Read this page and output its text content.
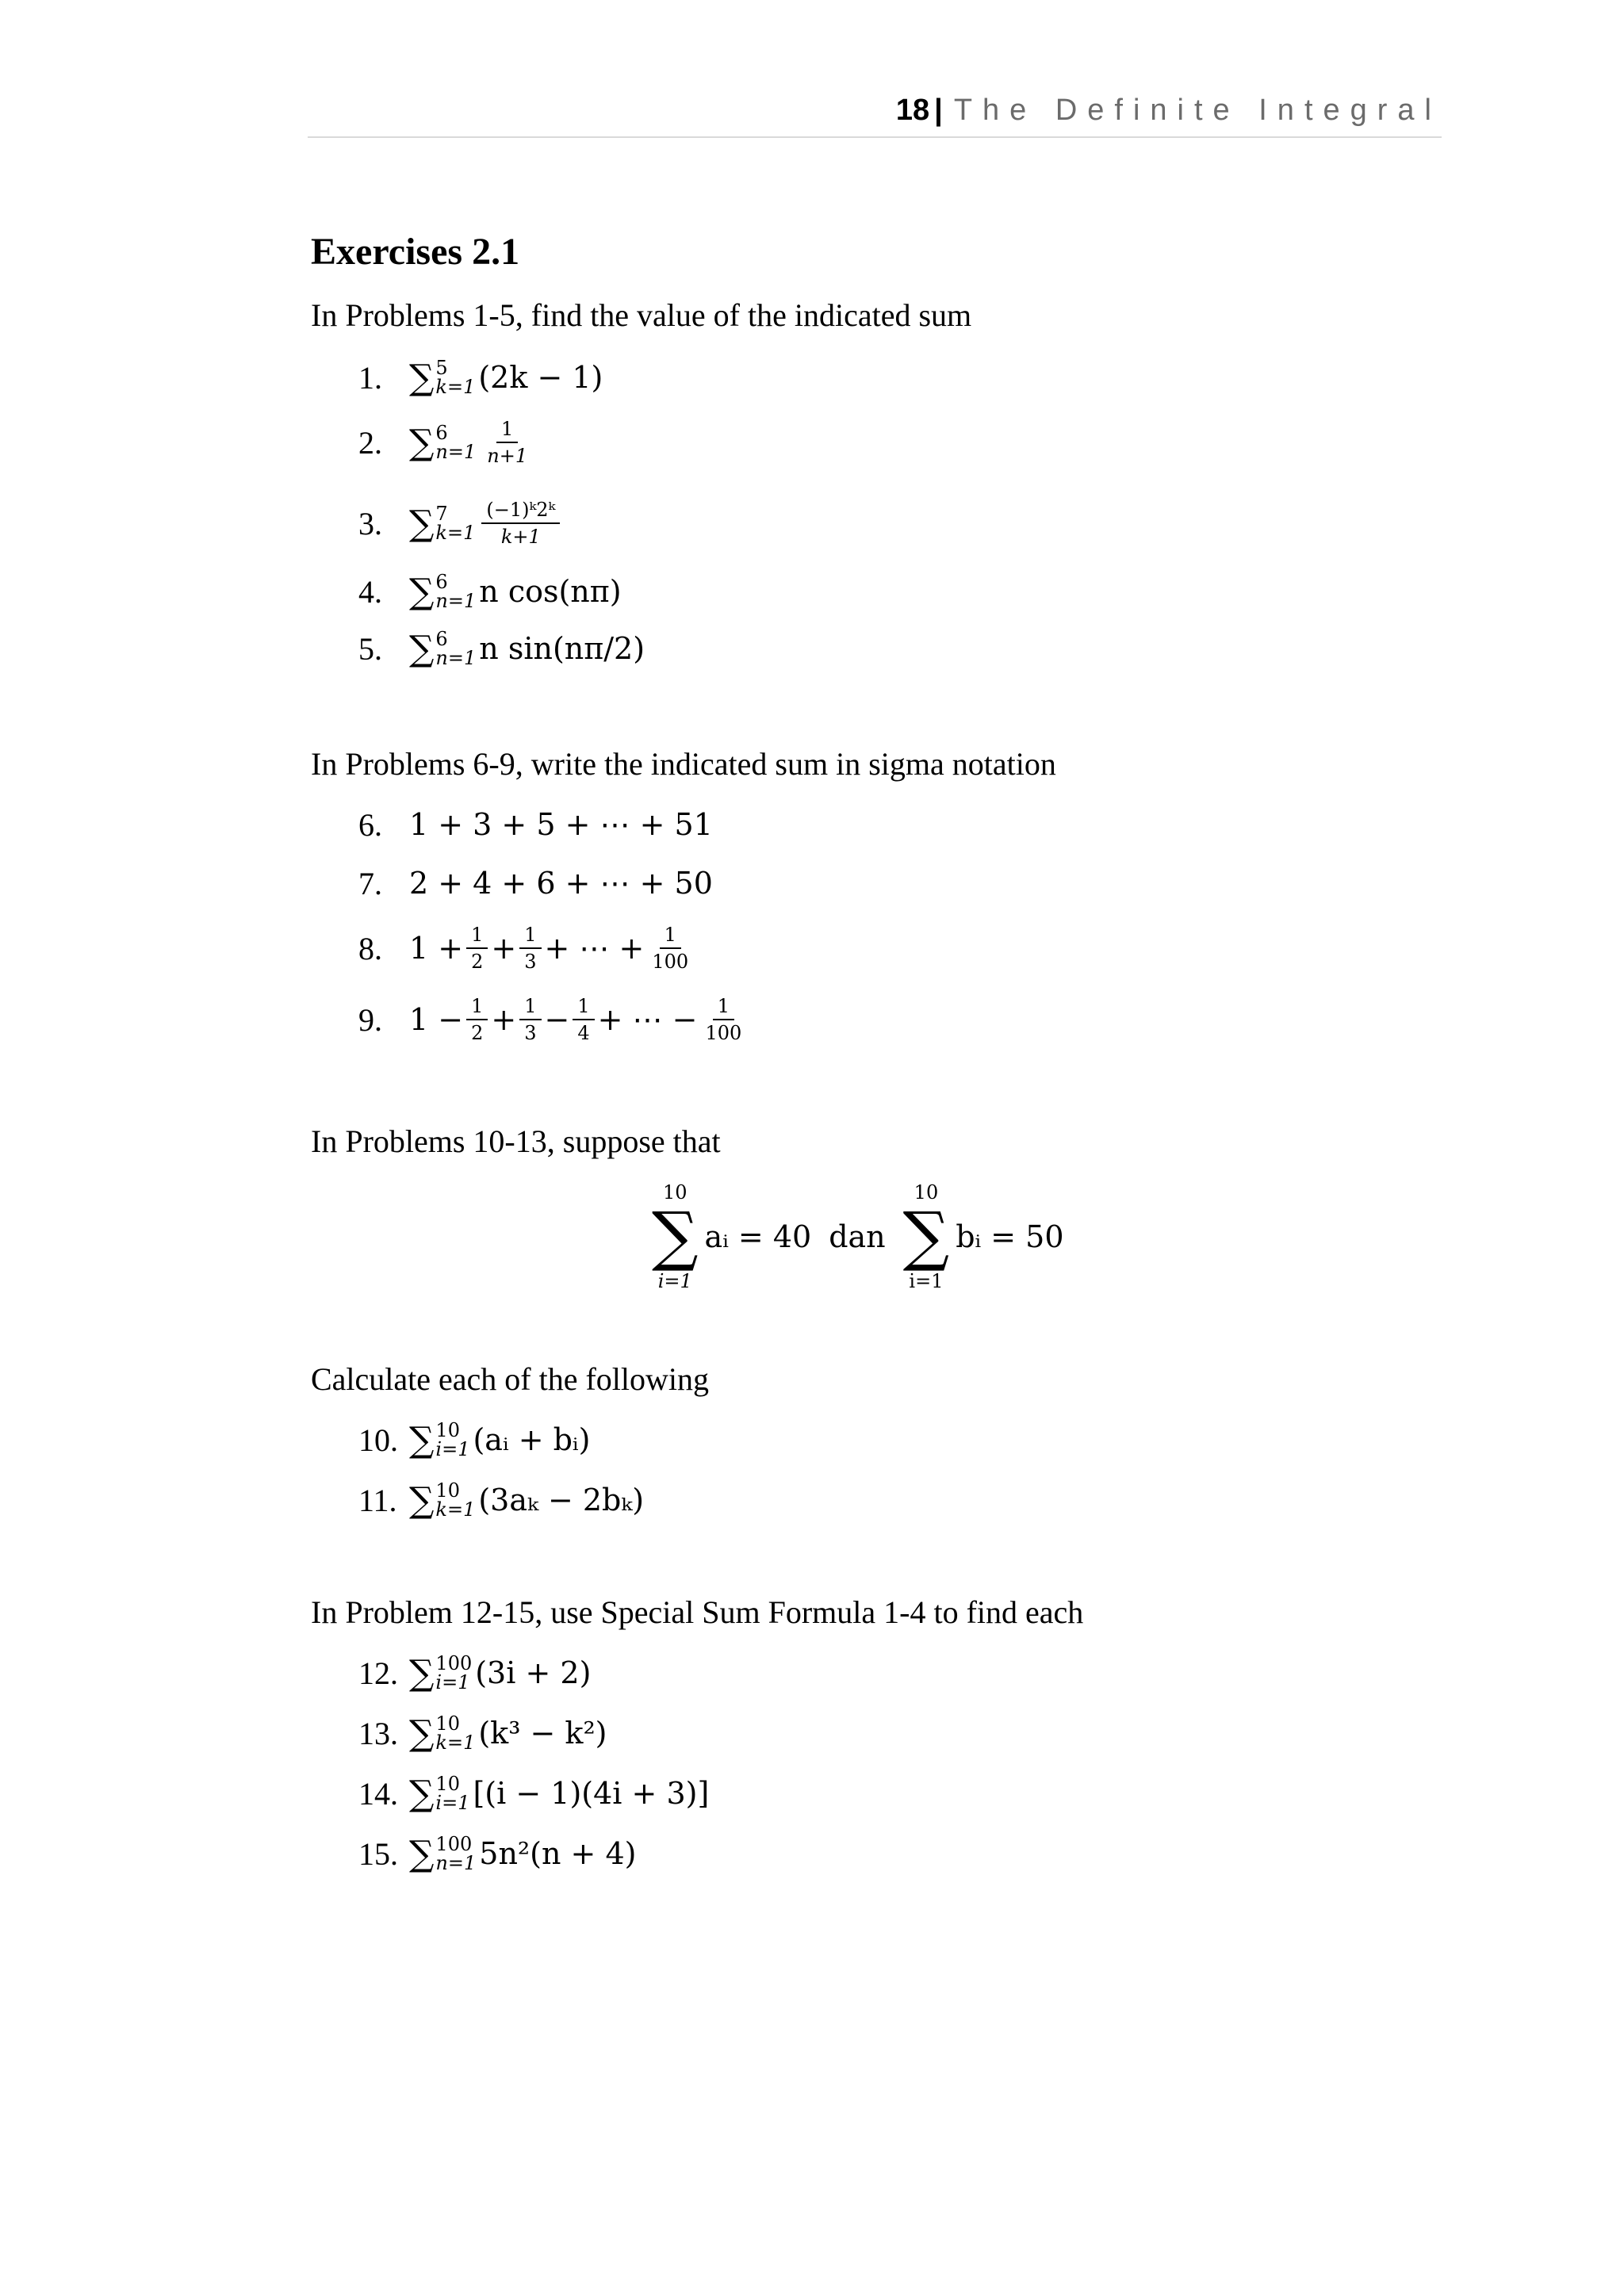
18 | The Definite Integral
Exercises 2.1

In Problems 1-5, find the value of the indicated sum

1. ∑ 5
k=1 (2k − 1)
2. ∑ 6
$n=1 \frac{1}{n+1}$
3. ∑ 7
$k=1 \frac{\text{(−1)ᵏ2ᵏ}}{k+1}$
4. ∑ 6
n=1 n cos(nπ)
5. ∑ 6
n=1 n sin(nπ/2)

In Problems 6-9, write the indicated sum in sigma notation

6. 1 + 3 + 5 + ⋯ + 51
7. 2 + 4 + 6 + ⋯ + 50
8. $1 + \frac{1}{2} + \frac{1}{3}$ + ⋯ + $\frac{1}{100}$
9. $1 - \frac{1}{2} + \frac{1}{3} - \frac{1}{4}$ + ⋯ − $\frac{1}{100}$

In Problems 10-13, suppose that

10
∑
i=1
aᵢ = 40 dan
10
∑
i=1
bᵢ = 50

Calculate each of the following

10. ∑ 10
i=1 (aᵢ + bᵢ)
11. ∑ 10
k=1 (3aₖ − 2bₖ)

In Problem 12-15, use Special Sum Formula 1-4 to find each

12. ∑ 100
i=1 (3i + 2)
13. ∑ 10
k=1 (k³ − k²)
14. ∑ 10
i=1 [(i − 1)(4i + 3)]
15. ∑ 100
n=1 5n²(n + 4)
